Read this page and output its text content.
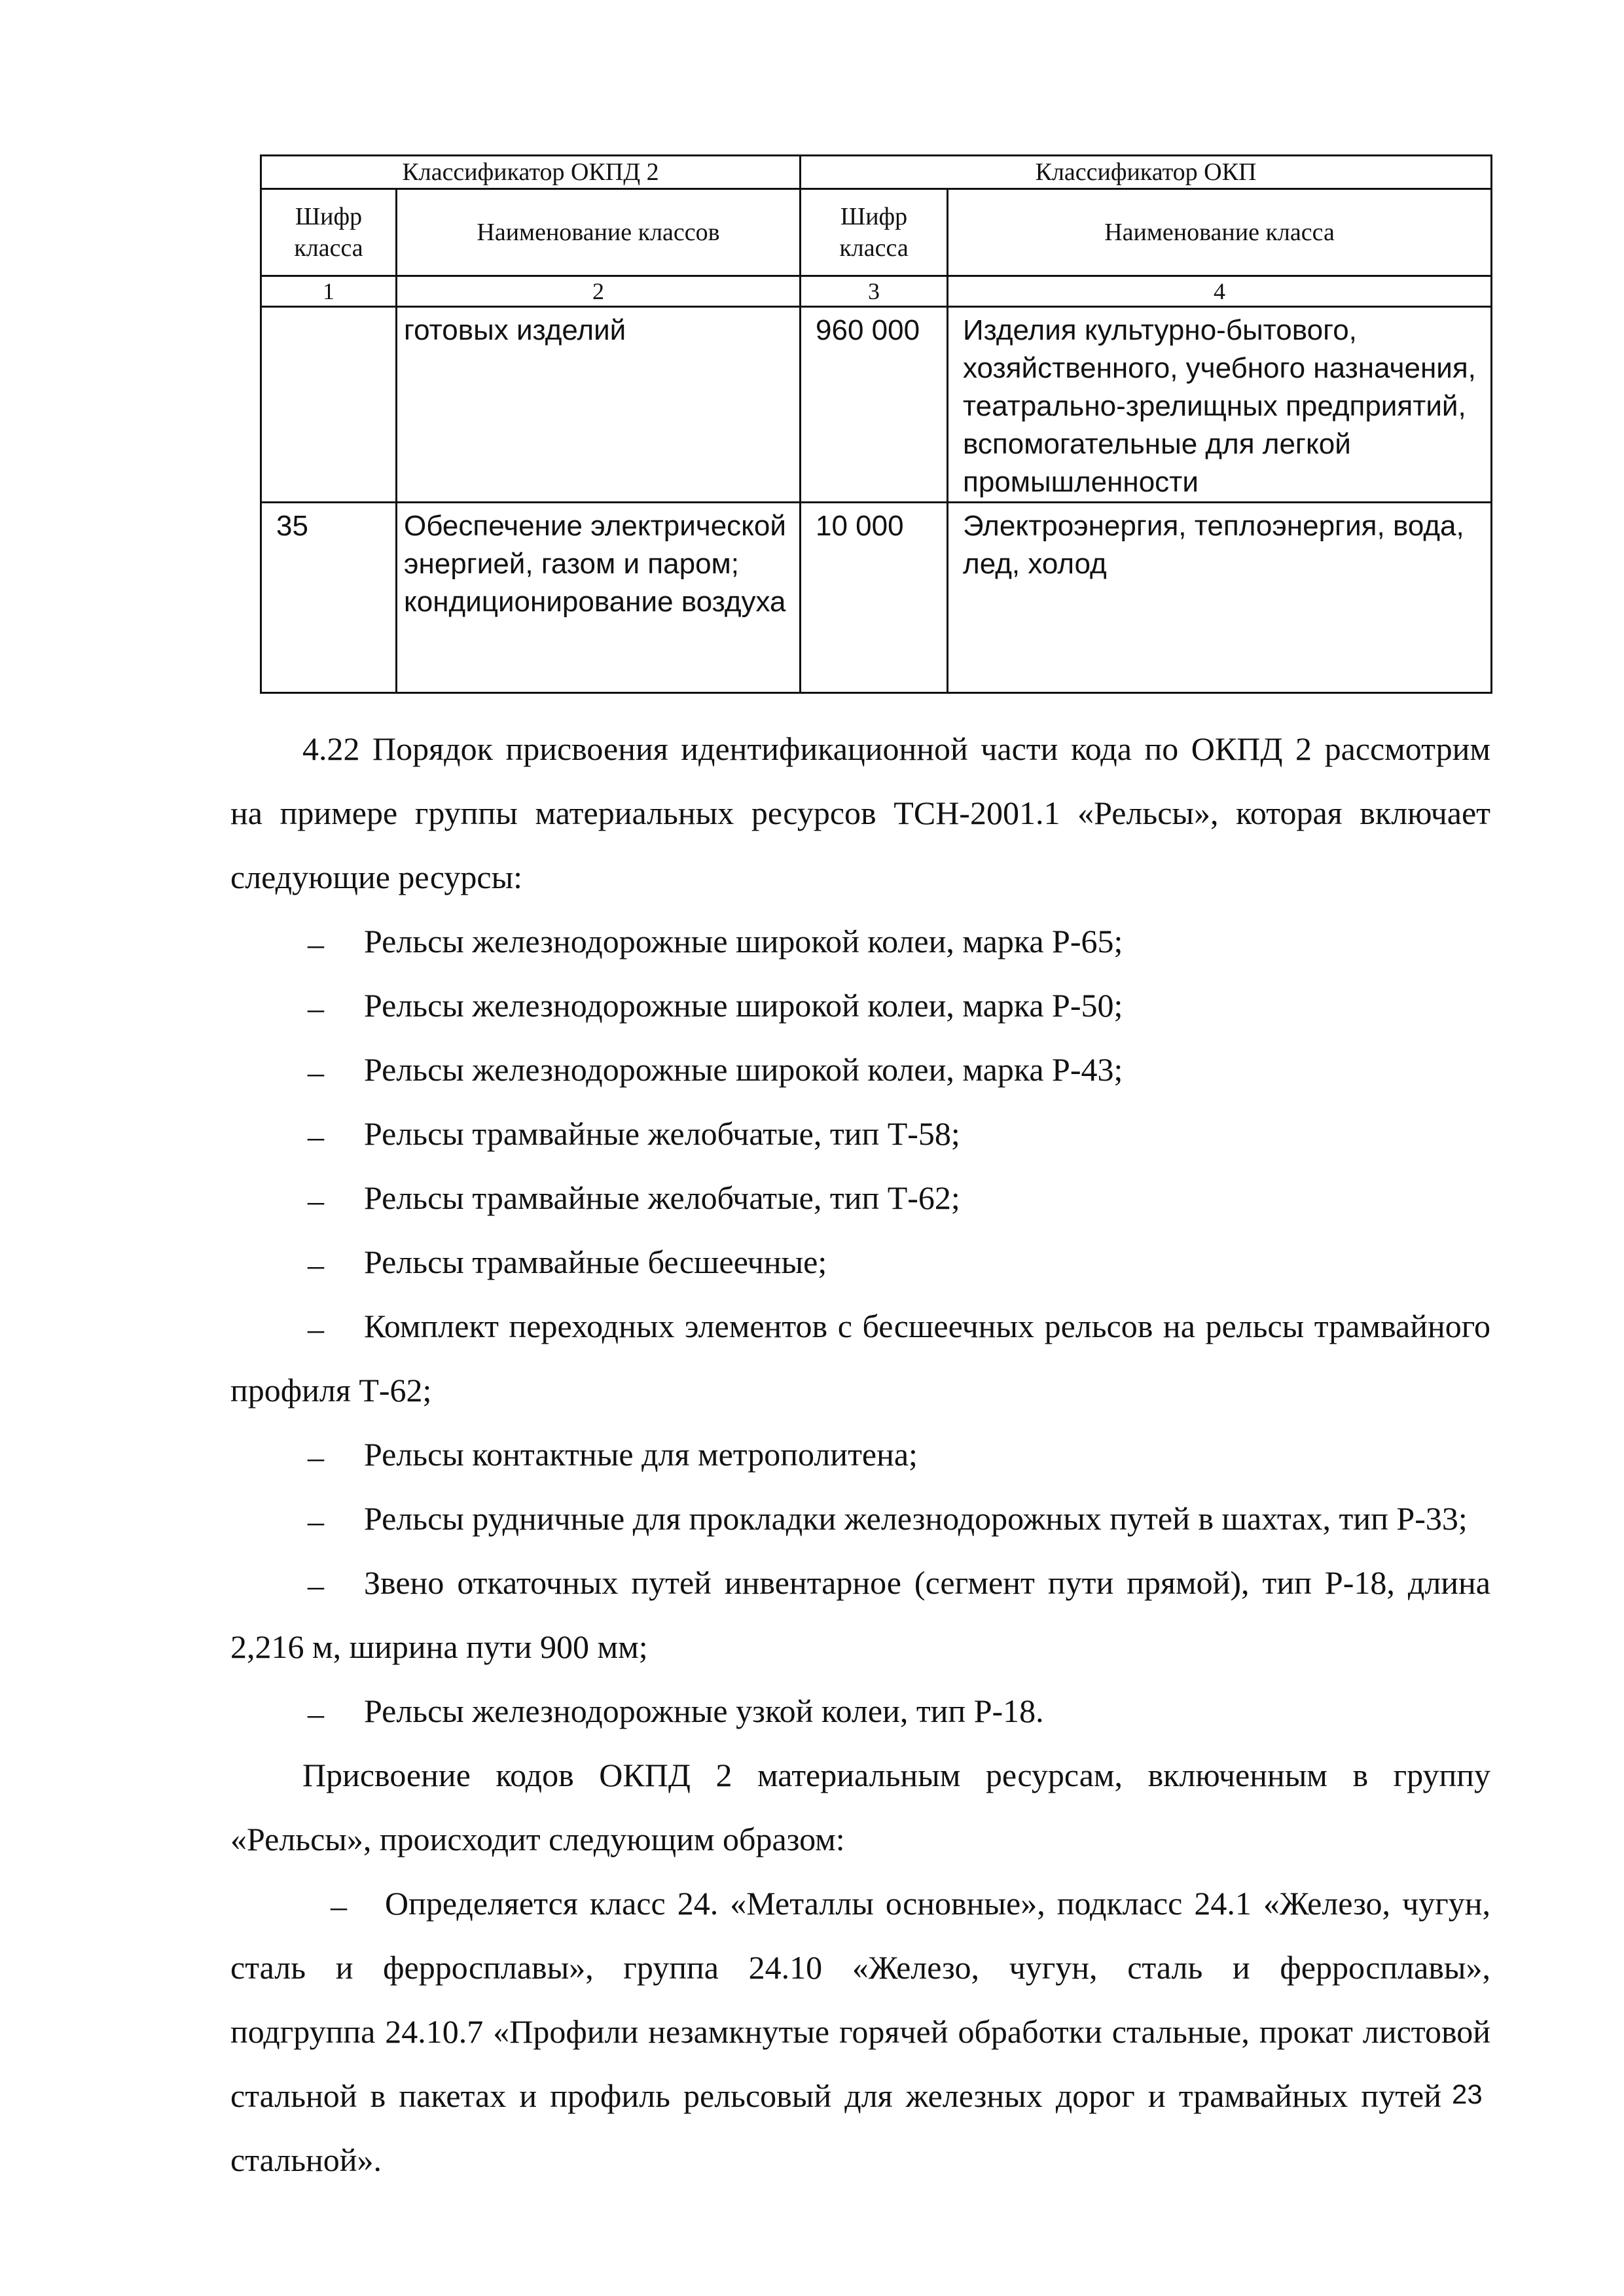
Классификатор ОКПД 2		Классификатор ОКП	
Шифр класса	Наименование классов	Шифр класса	Наименование класса
1	2	3	4
	готовых изделий	960 000	Изделия культурно-бытового, хозяйственного, учебного назначения, театрально-зрелищных предприятий, вспомогательные для легкой промышленности
35	Обеспечение электрической энергией, газом и паром; кондиционирование воздуха	10 000	Электроэнергия, теплоэнергия, вода, лед, холод
4.22 Порядок присвоения идентификационной части кода по ОКПД 2 рассмотрим
на примере группы материальных ресурсов ТСН-2001.1 «Рельсы», которая включает
следующие ресурсы:
– Рельсы железнодорожные широкой колеи, марка Р-65;
– Рельсы железнодорожные широкой колеи, марка Р-50;
– Рельсы железнодорожные широкой колеи, марка Р-43;
– Рельсы трамвайные желобчатые, тип Т-58;
– Рельсы трамвайные желобчатые, тип Т-62;
– Рельсы трамвайные бесшеечные;
– Комплект переходных элементов с бесшеечных рельсов на рельсы трамвайного
профиля Т-62;
– Рельсы контактные для метрополитена;
– Рельсы рудничные для прокладки железнодорожных путей в шахтах, тип Р-33;
– Звено откаточных путей инвентарное (сегмент пути прямой), тип Р-18, длина
2,216 м, ширина пути 900 мм;
– Рельсы железнодорожные узкой колеи, тип Р-18.
Присвоение кодов ОКПД 2 материальным ресурсам, включенным в группу
«Рельсы», происходит следующим образом:
– Определяется класс 24. «Металлы основные», подкласс 24.1 «Железо, чугун,
сталь и ферросплавы», группа 24.10 «Железо, чугун, сталь и ферросплавы»,
подгруппа 24.10.7 «Профили незамкнутые горячей обработки стальные, прокат листовой
стальной в пакетах и профиль рельсовый для железных дорог и трамвайных путей
стальной».
23
